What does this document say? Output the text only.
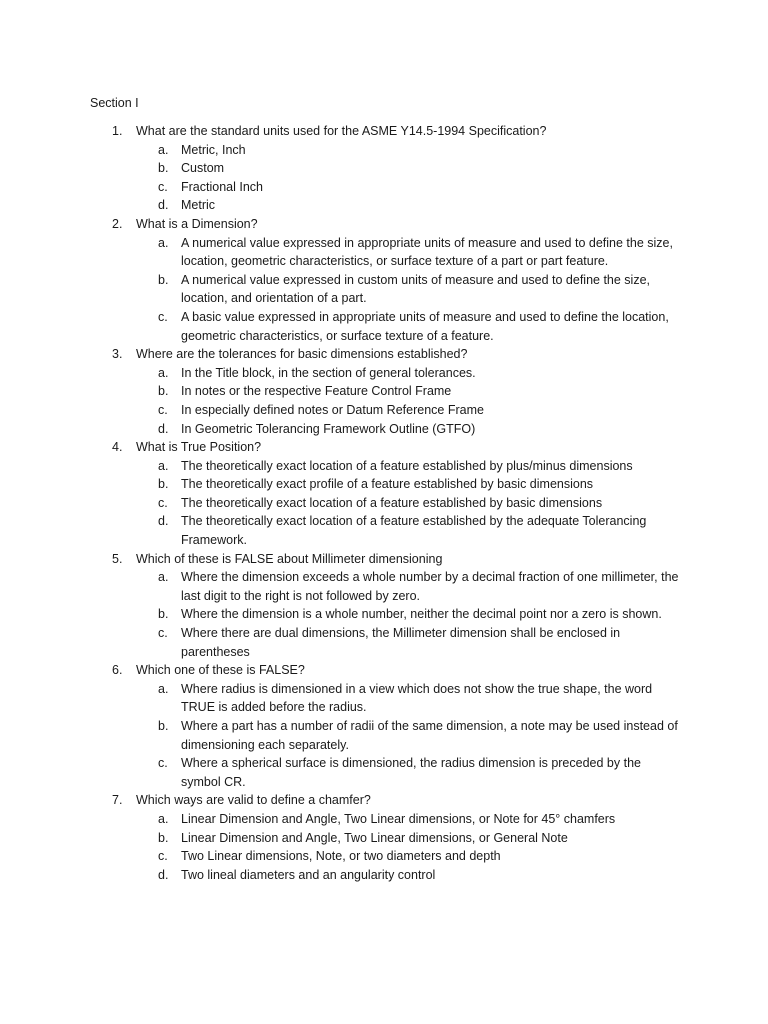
Section I
1. What are the standard units used for the ASME Y14.5-1994 Specification?
a. Metric, Inch
b. Custom
c. Fractional Inch
d. Metric
2. What is a Dimension?
a. A numerical value expressed in appropriate units of measure and used to define the size, location, geometric characteristics, or surface texture of a part or part feature.
b. A numerical value expressed in custom units of measure and used to define the size, location, and orientation of a part.
c. A basic value expressed in appropriate units of measure and used to define the location, geometric characteristics, or surface texture of a feature.
3. Where are the tolerances for basic dimensions established?
a. In the Title block, in the section of general tolerances.
b. In notes or the respective Feature Control Frame
c. In especially defined notes or Datum Reference Frame
d. In Geometric Tolerancing Framework Outline (GTFO)
4. What is True Position?
a. The theoretically exact location of a feature established by plus/minus dimensions
b. The theoretically exact profile of a feature established by basic dimensions
c. The theoretically exact location of a feature established by basic dimensions
d. The theoretically exact location of a feature established by the adequate Tolerancing Framework.
5. Which of these is FALSE about Millimeter dimensioning
a. Where the dimension exceeds a whole number by a decimal fraction of one millimeter, the last digit to the right is not followed by zero.
b. Where the dimension is a whole number, neither the decimal point nor a zero is shown.
c. Where there are dual dimensions, the Millimeter dimension shall be enclosed in parentheses
6. Which one of these is FALSE?
a. Where radius is dimensioned in a view which does not show the true shape, the word TRUE is added before the radius.
b. Where a part has a number of radii of the same dimension, a note may be used instead of dimensioning each separately.
c. Where a spherical surface is dimensioned, the radius dimension is preceded by the symbol CR.
7. Which ways are valid to define a chamfer?
a. Linear Dimension and Angle, Two Linear dimensions, or Note for 45° chamfers
b. Linear Dimension and Angle, Two Linear dimensions, or General Note
c. Two Linear dimensions, Note, or two diameters and depth
d. Two lineal diameters and an angularity control
